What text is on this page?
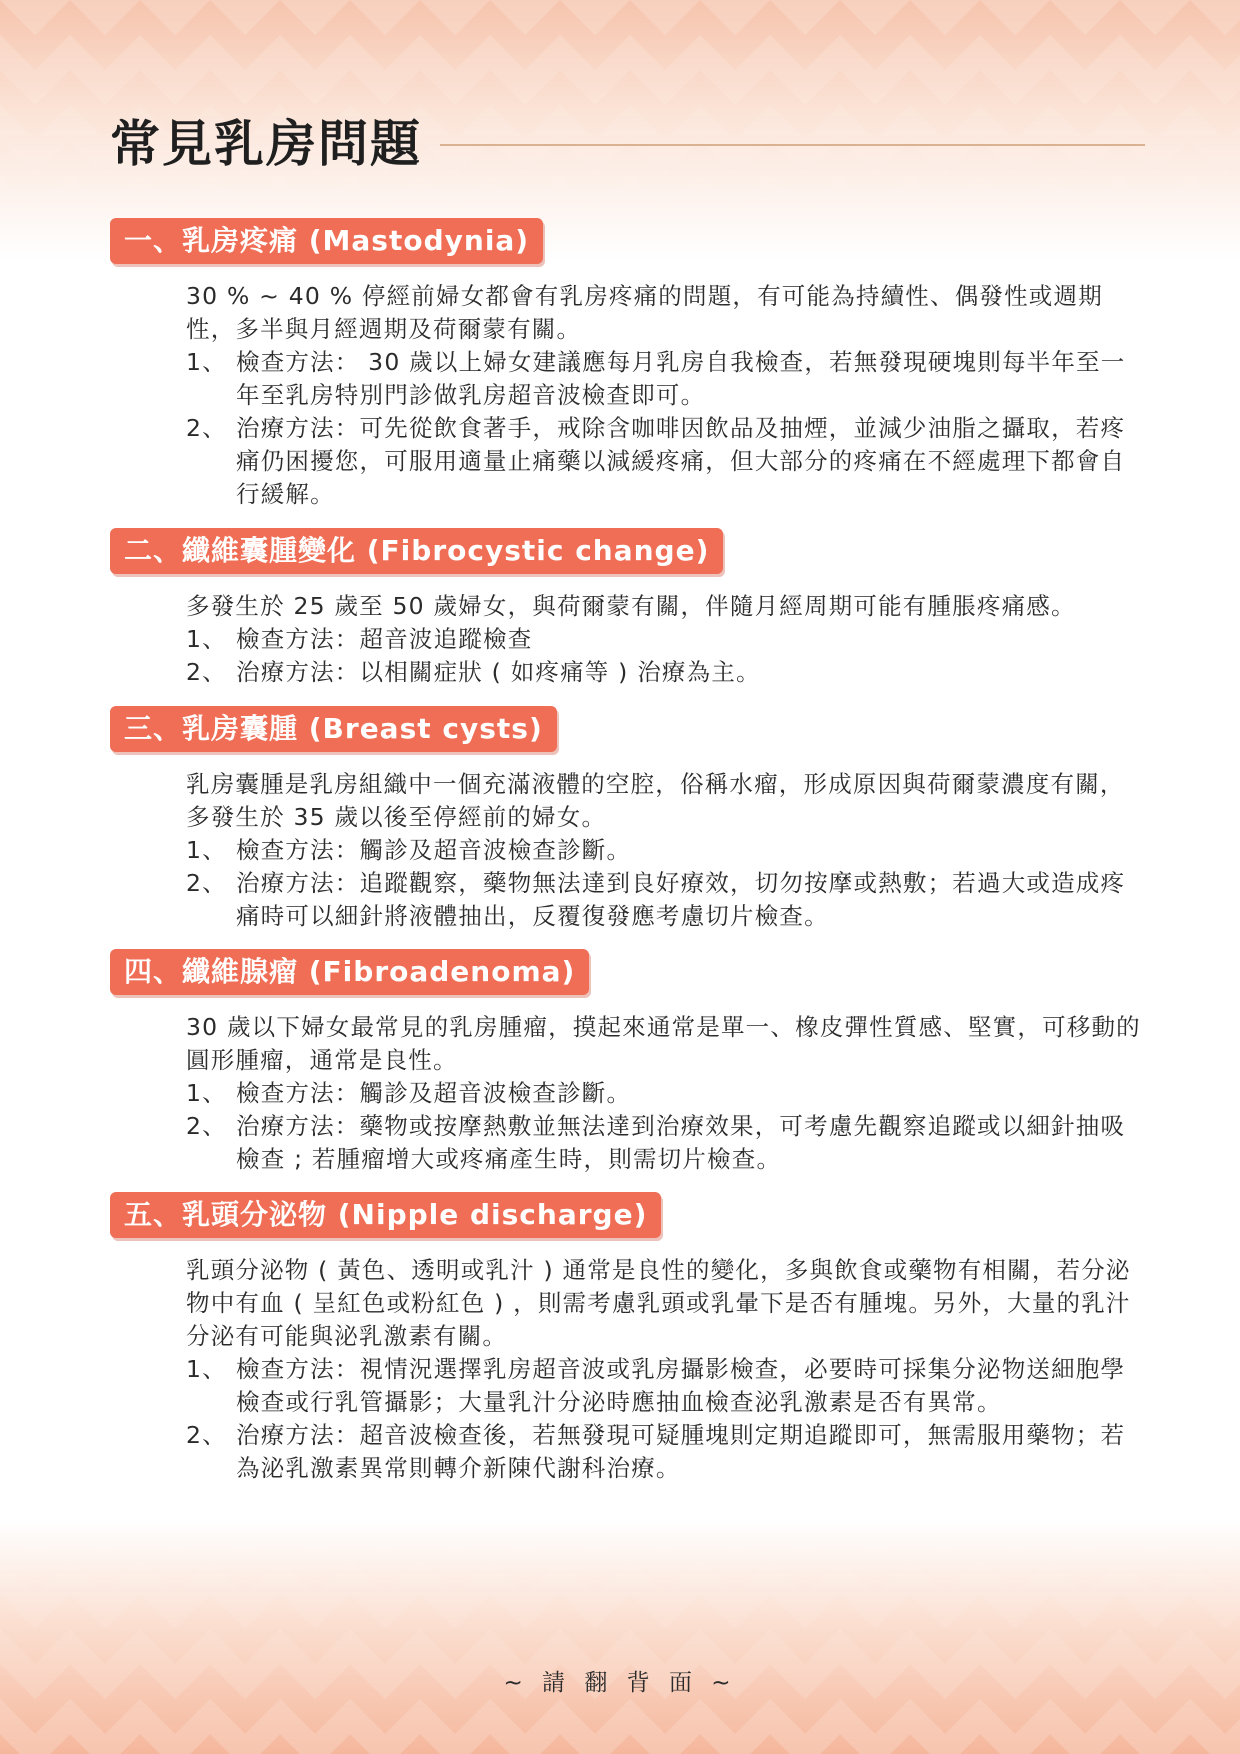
常見乳房問題
一、乳房疼痛 (Mastodynia)

30 % ~ 40 % 停經前婦女都會有乳房疼痛的問題，有可能為持續性、偶發性或週期性，多半與月經週期及荷爾蒙有關。

1、 檢查方法： 30 歲以上婦女建議應每月乳房自我檢查，若無發現硬塊則每半年至一年至乳房特別門診做乳房超音波檢查即可。
2、 治療方法：可先從飲食著手，戒除含咖啡因飲品及抽煙，並減少油脂之攝取，若疼痛仍困擾您，可服用適量止痛藥以減緩疼痛，但大部分的疼痛在不經處理下都會自行緩解。
二、纖維囊腫變化 (Fibrocystic change)

多發生於 25 歲至 50 歲婦女，與荷爾蒙有關，伴隨月經周期可能有腫脹疼痛感。

1、 檢查方法：超音波追蹤檢查
2、 治療方法：以相關症狀 ( 如疼痛等 ) 治療為主。
三、乳房囊腫 (Breast cysts)

乳房囊腫是乳房組織中一個充滿液體的空腔，俗稱水瘤，形成原因與荷爾蒙濃度有關，多發生於 35 歲以後至停經前的婦女。

1、 檢查方法：觸診及超音波檢查診斷。
2、 治療方法：追蹤觀察，藥物無法達到良好療效，切勿按摩或熱敷；若過大或造成疼痛時可以細針將液體抽出，反覆復發應考慮切片檢查。
四、纖維腺瘤 (Fibroadenoma)

30 歲以下婦女最常見的乳房腫瘤，摸起來通常是單一、橡皮彈性質感、堅實，可移動的圓形腫瘤，通常是良性。

1、 檢查方法：觸診及超音波檢查診斷。
2、 治療方法：藥物或按摩熱敷並無法達到治療效果，可考慮先觀察追蹤或以細針抽吸檢查 ; 若腫瘤增大或疼痛產生時，則需切片檢查。
五、乳頭分泌物 (Nipple discharge)

乳頭分泌物 ( 黃色、透明或乳汁 ) 通常是良性的變化，多與飲食或藥物有相關，若分泌物中有血 ( 呈紅色或粉紅色 ) ，則需考慮乳頭或乳暈下是否有腫塊。另外，大量的乳汁分泌有可能與泌乳激素有關。

1、 檢查方法：視情況選擇乳房超音波或乳房攝影檢查，必要時可採集分泌物送細胞學檢查或行乳管攝影；大量乳汁分泌時應抽血檢查泌乳激素是否有異常。
2、 治療方法：超音波檢查後，若無發現可疑腫塊則定期追蹤即可，無需服用藥物；若為泌乳激素異常則轉介新陳代謝科治療。

~ 請 翻 背 面 ~
